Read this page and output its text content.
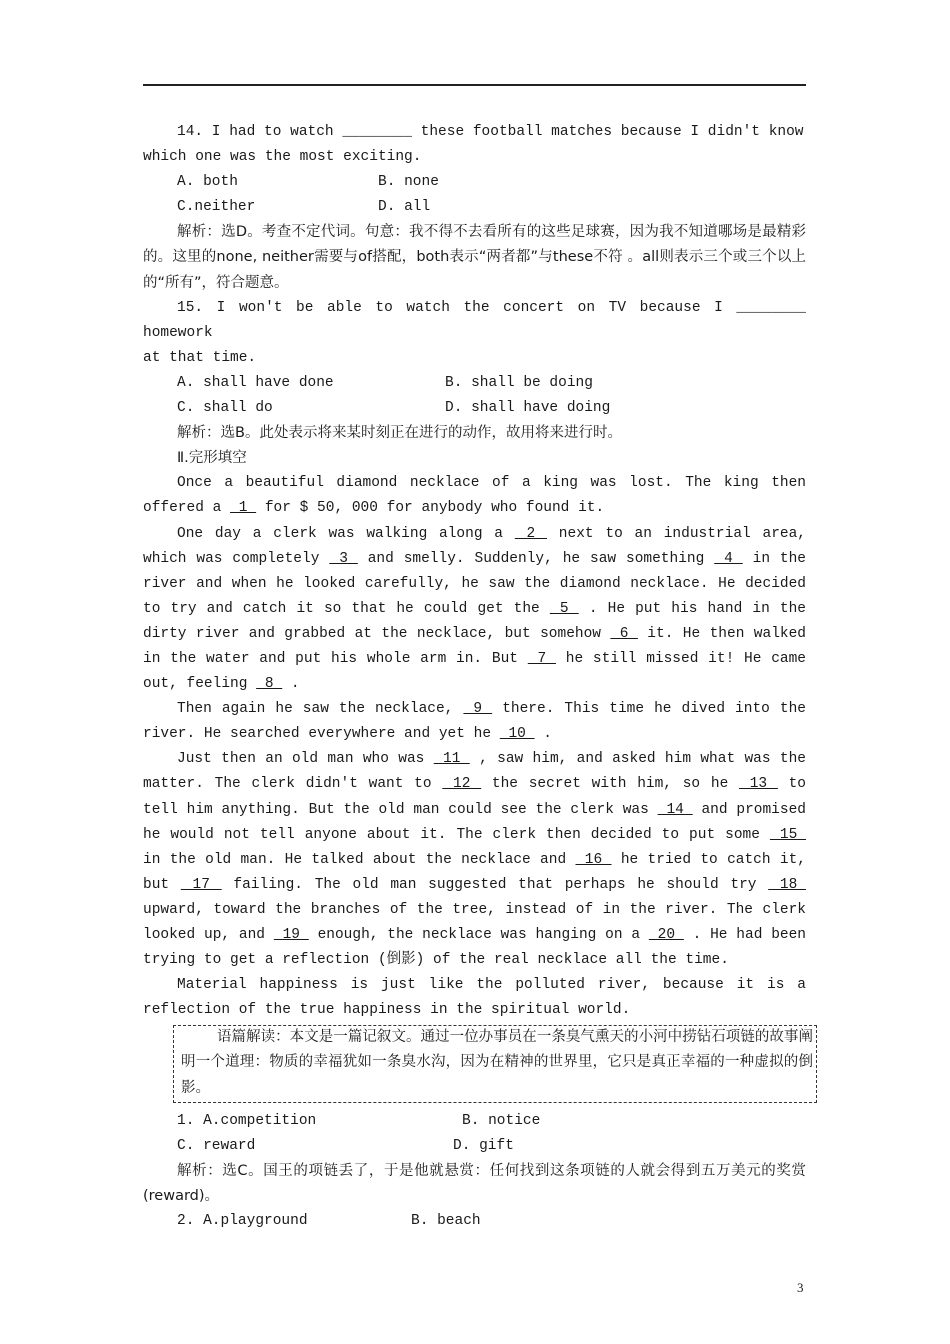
14. I had to watch ________ these football matches because I didn't know
which one was the most exciting.
A. both	B. none
C.neither	D. all
解析：选D。考查不定代词。句意：我不得不去看所有的这些足球赛，因为我不知道哪场是最精彩的。这里的none, neither需要与of搭配，both表示“两者都”与these不符 。all则表示三个或三个以上的“所有”，符合题意。
15. I won't be able to watch the concert on TV because I ________ homework
at that time.
A. shall have done	B. shall be doing
C. shall do	D. shall have doing
解析：选B。此处表示将来某时刻正在进行的动作，故用将来进行时。
Ⅱ.完形填空
Once a beautiful diamond necklace of a king was lost. The king then offered a  1  for $ 50, 000 for anybody who found it.
One day a clerk was walking along a  2  next to an industrial area, which was completely  3  and smelly. Suddenly, he saw something  4  in the river and when he looked carefully, he saw the diamond necklace. He decided to try and catch it so that he could get the  5  . He put his hand in the dirty river and grabbed at the necklace, but somehow  6  it. He then walked in the water and put his whole arm in. But  7  he still missed it! He came out, feeling  8  .
Then again he saw the necklace,  9  there. This time he dived into the river. He searched everywhere and yet he  10  .
Just then an old man who was  11  , saw him, and asked him what was the matter. The clerk didn't want to  12  the secret with him, so he  13  to tell him anything. But the old man could see the clerk was  14  and promised he would not tell anyone about it. The clerk then decided to put some  15  in the old man. He talked about the necklace and  16  he tried to catch it, but  17  failing. The old man suggested that perhaps he should try  18  upward, toward the branches of the tree, instead of in the river. The clerk looked up, and  19  enough, the necklace was hanging on a  20  . He had been trying to get a reflection (倒影) of the real necklace all the time.
Material happiness is just like the polluted river, because it is a reflection of the true happiness in the spiritual world.
语篇解读：本文是一篇记叙文。通过一位办事员在一条臭气熏天的小河中捞钻石项链的故事阐明一个道理：物质的幸福犹如一条臭水沟，因为在精神的世界里，它只是真正幸福的一种虚拟的倒影。
1. A.competition	B. notice
C. reward	D. gift
解析：选C。国王的项链丢了，于是他就悬赏：任何找到这条项链的人就会得到五万美元的奖赏(reward)。
2. A.playground	B. beach
3
